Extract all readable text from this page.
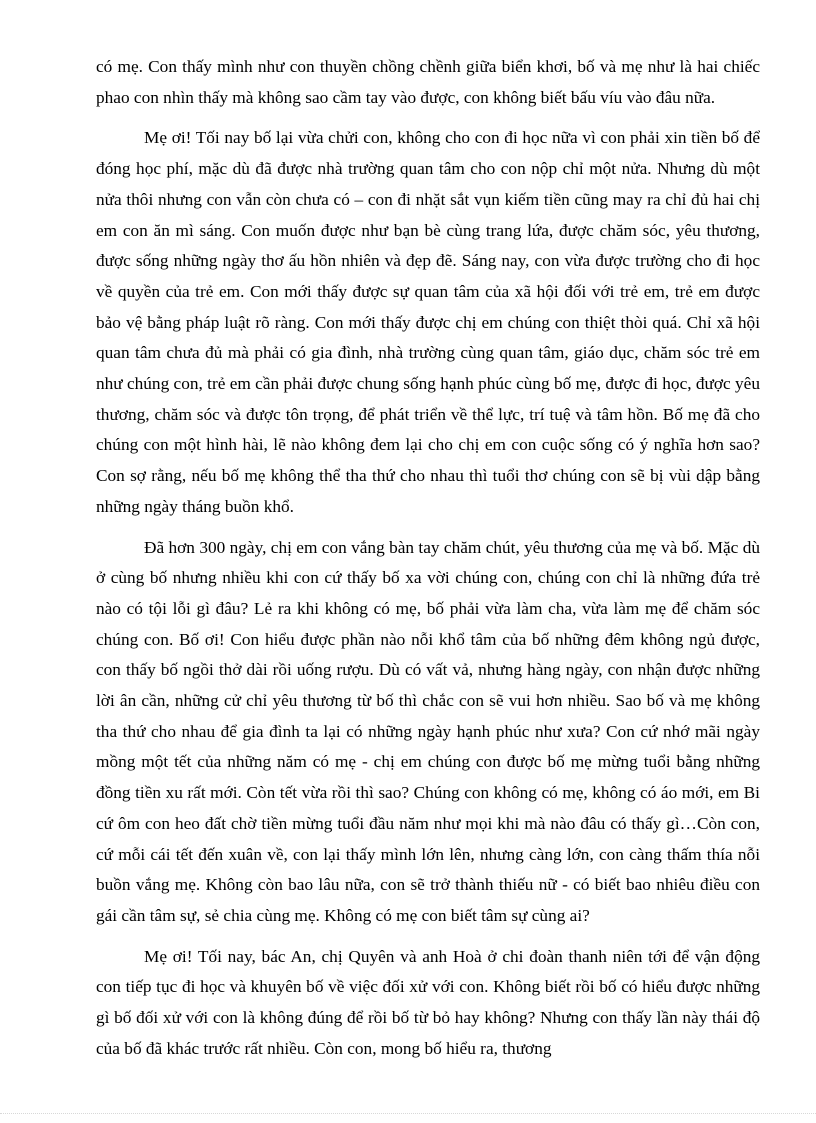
có mẹ. Con thấy mình như con thuyền chồng chềnh giữa biển khơi, bố và mẹ như là hai chiếc phao con nhìn thấy mà không sao cầm tay vào được, con không biết bấu víu vào đâu nữa.

Mẹ ơi! Tối nay bố lại vừa chửi con, không cho con đi học nữa vì con phải xin tiền bố để đóng học phí, mặc dù đã được nhà trường quan tâm cho con nộp chỉ một nửa. Nhưng dù một nửa thôi nhưng con vẫn còn chưa có – con đi nhặt sắt vụn kiếm tiền cũng may ra chỉ đủ hai chị em con ăn mì sáng. Con muốn được như bạn bè cùng trang lứa, được chăm sóc, yêu thương, được sống những ngày thơ ấu hồn nhiên và đẹp đẽ. Sáng nay, con vừa được trường cho đi học về quyền của trẻ em. Con mới thấy được sự quan tâm của xã hội đối với trẻ em, trẻ em được bảo vệ bằng pháp luật rõ ràng. Con mới thấy được chị em chúng con thiệt thòi quá. Chỉ xã hội quan tâm chưa đủ mà phải có gia đình, nhà trường cùng quan tâm, giáo dục, chăm sóc trẻ em như chúng con, trẻ em cần phải được chung sống hạnh phúc cùng bố mẹ, được đi học, được yêu thương, chăm sóc và được tôn trọng, để phát triển về thể lực, trí tuệ và tâm hồn. Bố mẹ đã cho chúng con một hình hài, lẽ nào không đem lại cho chị em con cuộc sống có ý nghĩa hơn sao? Con sợ rằng, nếu bố mẹ không thể tha thứ cho nhau thì tuổi thơ chúng con sẽ bị vùi dập bằng những ngày tháng buồn khổ.

Đã hơn 300 ngày, chị em con vắng bàn tay chăm chút, yêu thương của mẹ và bố. Mặc dù ở cùng bố nhưng nhiều khi con cứ thấy bố xa vời chúng con, chúng con chỉ là những đứa trẻ nào có tội lỗi gì đâu? Lẻ ra khi không có mẹ, bố phải vừa làm cha, vừa làm mẹ để chăm sóc chúng con. Bố ơi! Con hiểu được phần nào nỗi khổ tâm của bố những đêm không ngủ được, con thấy bố ngồi thở dài rồi uống rượu. Dù có vất vả, nhưng hàng ngày, con nhận được những lời ân cần, những cử chỉ yêu thương từ bố thì chắc con sẽ vui hơn nhiều. Sao bố và mẹ không tha thứ cho nhau để gia đình ta lại có những ngày hạnh phúc như xưa? Con cứ nhớ mãi ngày mồng một tết của những năm có mẹ - chị em chúng con được bố mẹ mừng tuổi bằng những đồng tiền xu rất mới. Còn tết vừa rồi thì sao? Chúng con không có mẹ, không có áo mới, em Bi cứ ôm con heo đất chờ tiền mừng tuổi đầu năm như mọi khi mà nào đâu có thấy gì…Còn con, cứ mỗi cái tết đến xuân về, con lại thấy mình lớn lên, nhưng càng lớn, con càng thấm thía nỗi buồn vắng mẹ. Không còn bao lâu nữa, con sẽ trở thành thiếu nữ - có biết bao nhiêu điều con gái cần tâm sự, sẻ chia cùng mẹ. Không có mẹ con biết tâm sự cùng ai?

Mẹ ơi! Tối nay, bác An, chị Quyên và anh Hoà ở chi đoàn thanh niên tới để vận động con tiếp tục đi học và khuyên bố về việc đối xử với con. Không biết rồi bố có hiểu được những gì bố đối xử với con là không đúng để rồi bố từ bỏ hay không? Nhưng con thấy lần này thái độ của bố đã khác trước rất nhiều. Còn con, mong bố hiểu ra, thương
